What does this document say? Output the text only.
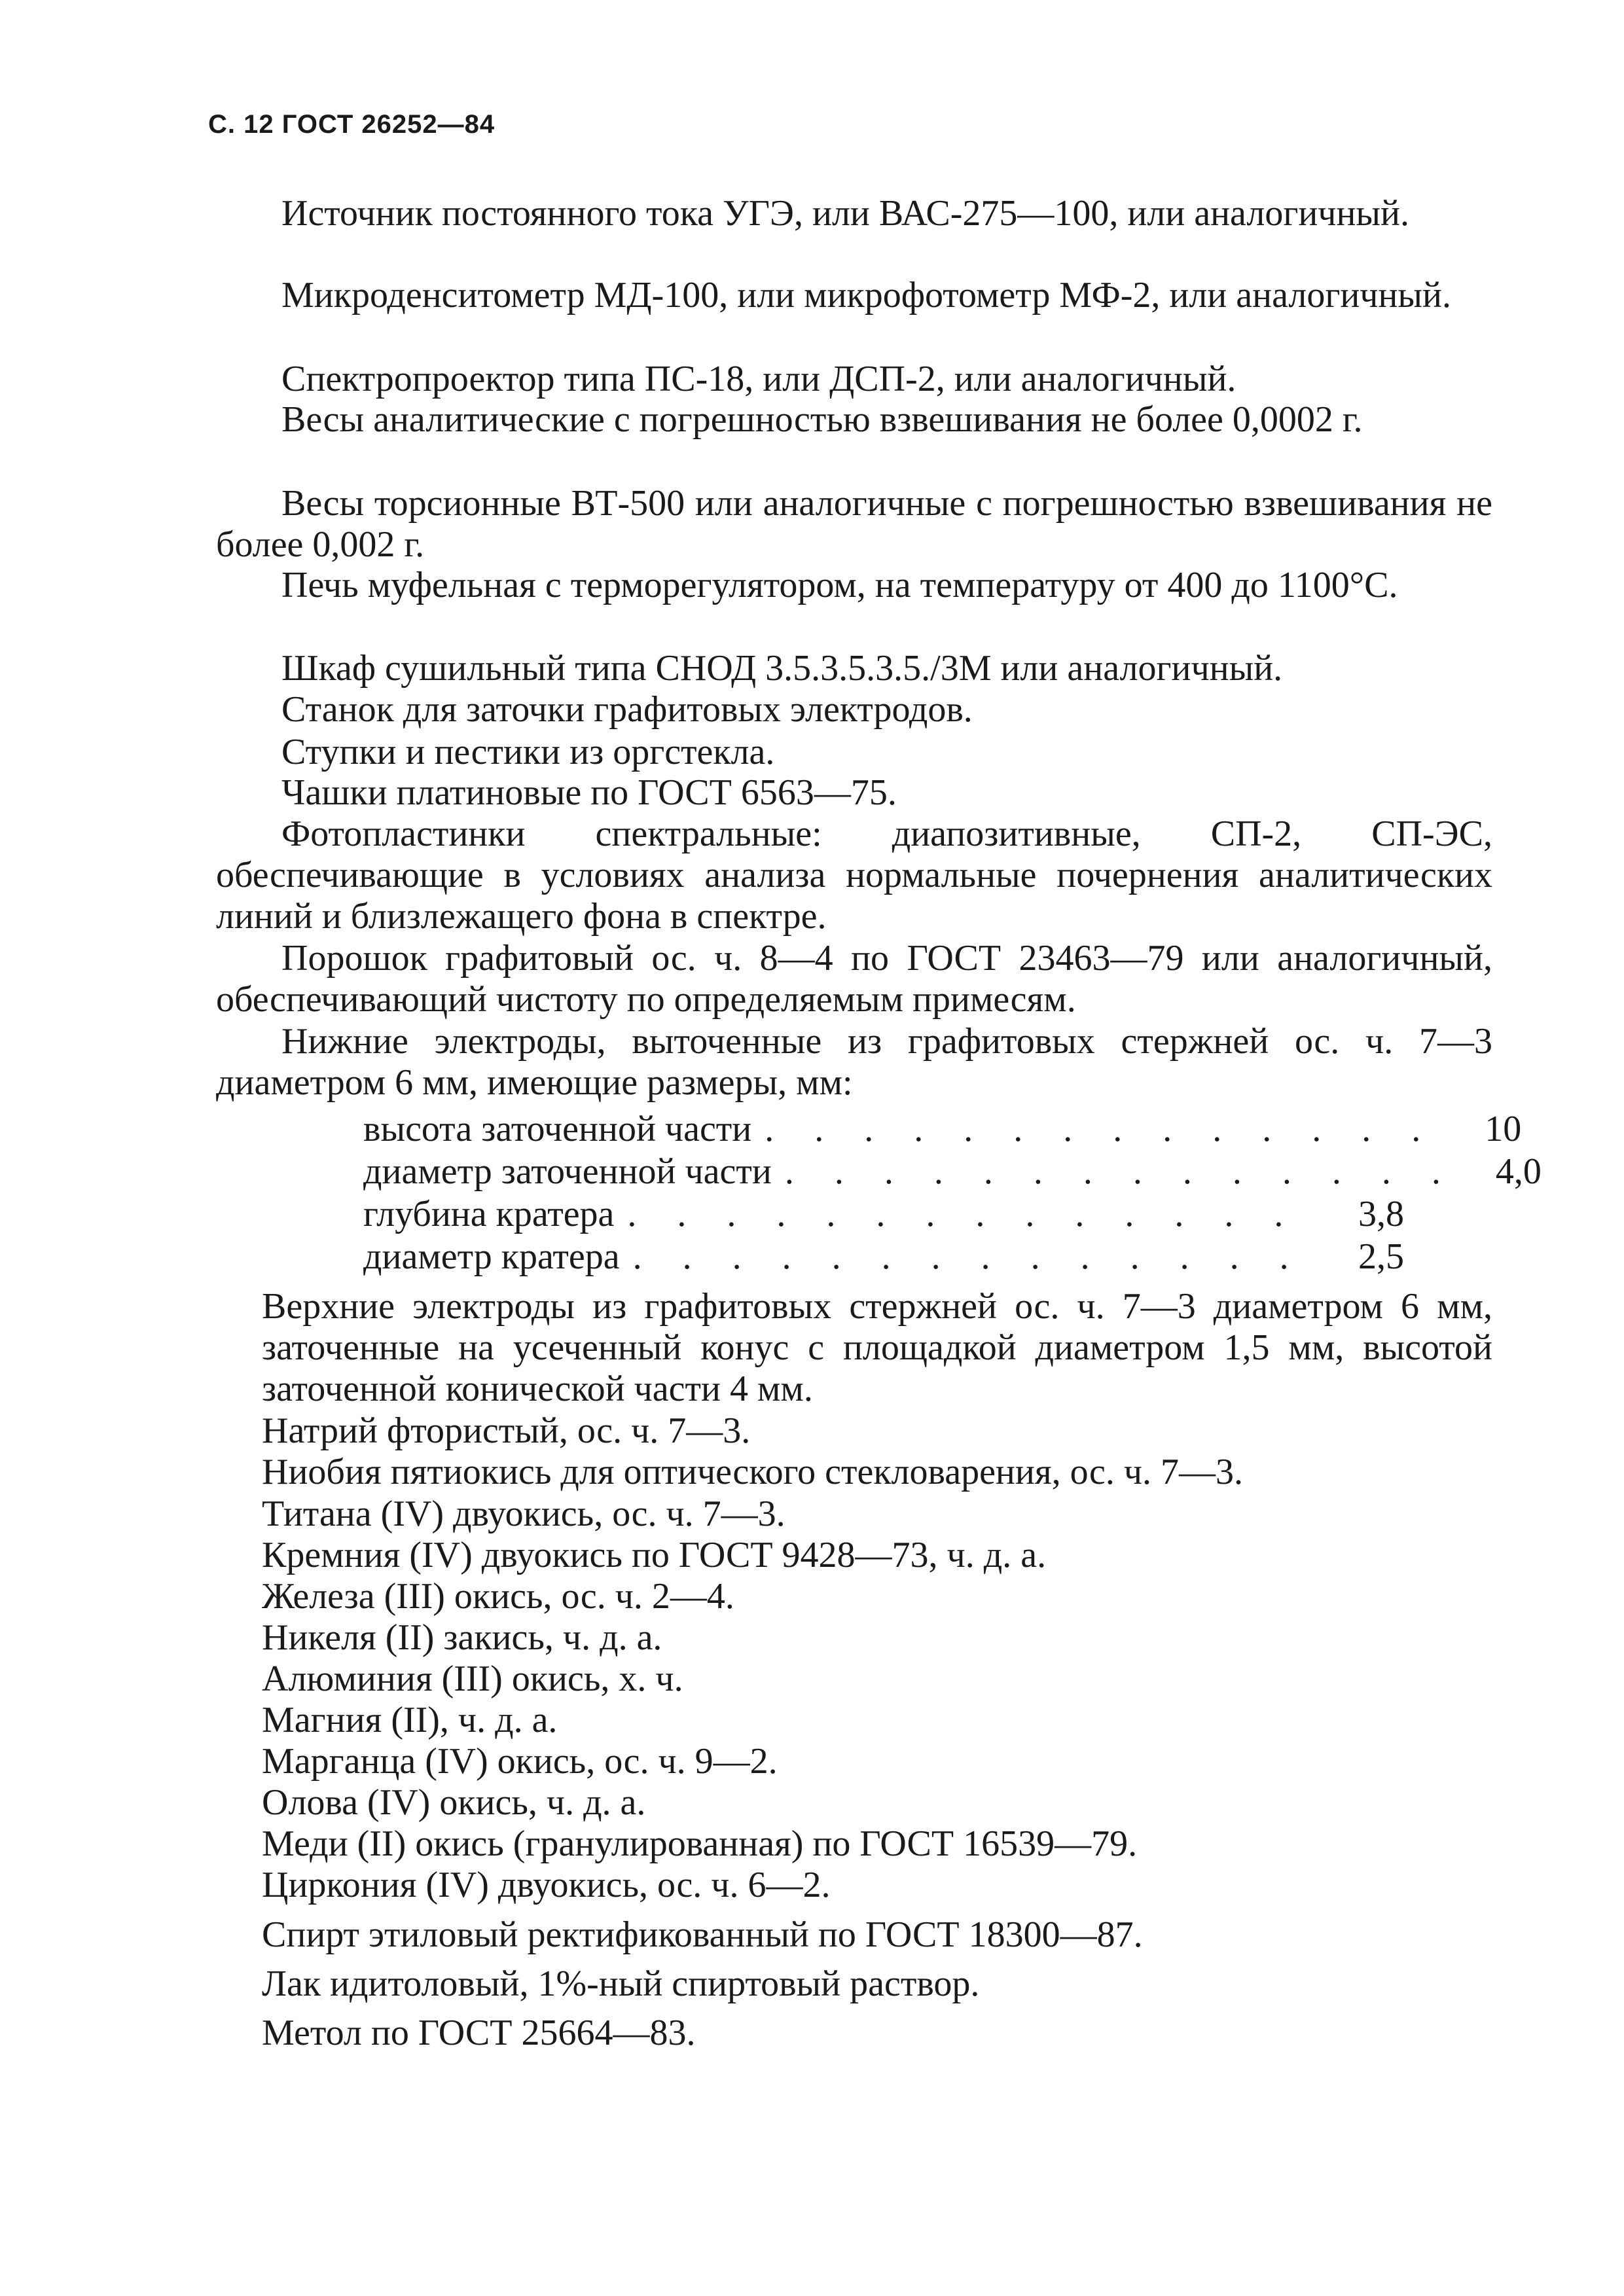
С. 12 ГОСТ 26252—84
Источник постоянного тока УГЭ, или ВАС-275—100, или аналогичный.
Микроденситометр МД-100, или микрофотометр МФ-2, или аналогичный.
Спектропроектор типа ПС-18, или ДСП-2, или аналогичный.
Весы аналитические с погрешностью взвешивания не более 0,0002 г.
Весы торсионные ВТ-500 или аналогичные с погрешностью взвешивания не более 0,002 г.
Печь муфельная с терморегулятором, на температуру от 400 до 1100°С.
Шкаф сушильный типа СНОД 3.5.3.5.3.5./3М или аналогичный.
Станок для заточки графитовых электродов.
Ступки и пестики из оргстекла.
Чашки платиновые по ГОСТ 6563—75.
Фотопластинки спектральные: диапозитивные, СП-2, СП-ЭС, обеспечивающие в условиях анализа нормальные почернения аналитических линий и близлежащего фона в спектре.
Порошок графитовый ос. ч. 8—4 по ГОСТ 23463—79 или аналогичный, обеспечивающий чистоту по определяемым примесям.
Нижние электроды, выточенные из графитовых стержней ос. ч. 7—3 диаметром 6 мм, имеющие размеры, мм:
высота заточенной части . . . . . . . . . . . . . .	10
диаметр заточенной части . . . . . . . . . . . . . .	4,0
глубина кратера . . . . . . . . . . . . . .	3,8
диаметр кратера . . . . . . . . . . . . . .	2,5
Верхние электроды из графитовых стержней ос. ч. 7—3 диаметром 6 мм, заточенные на усеченный конус с площадкой диаметром 1,5 мм, высотой заточенной конической части 4 мм.
Натрий фтористый, ос. ч. 7—3.
Ниобия пятиокись для оптического стекловарения, ос. ч. 7—3.
Титана (IV) двуокись, ос. ч. 7—3.
Кремния (IV) двуокись по ГОСТ 9428—73, ч. д. а.
Железа (III) окись, ос. ч. 2—4.
Никеля (II) закись, ч. д. а.
Алюминия (III) окись, х. ч.
Магния (II), ч. д. а.
Марганца (IV) окись, ос. ч. 9—2.
Олова (IV) окись, ч. д. а.
Меди (II) окись (гранулированная) по ГОСТ 16539—79.
Циркония (IV) двуокись, ос. ч. 6—2.
Спирт этиловый ректификованный по ГОСТ 18300—87.
Лак идитоловый, 1%-ный спиртовый раствор.
Метол по ГОСТ 25664—83.
